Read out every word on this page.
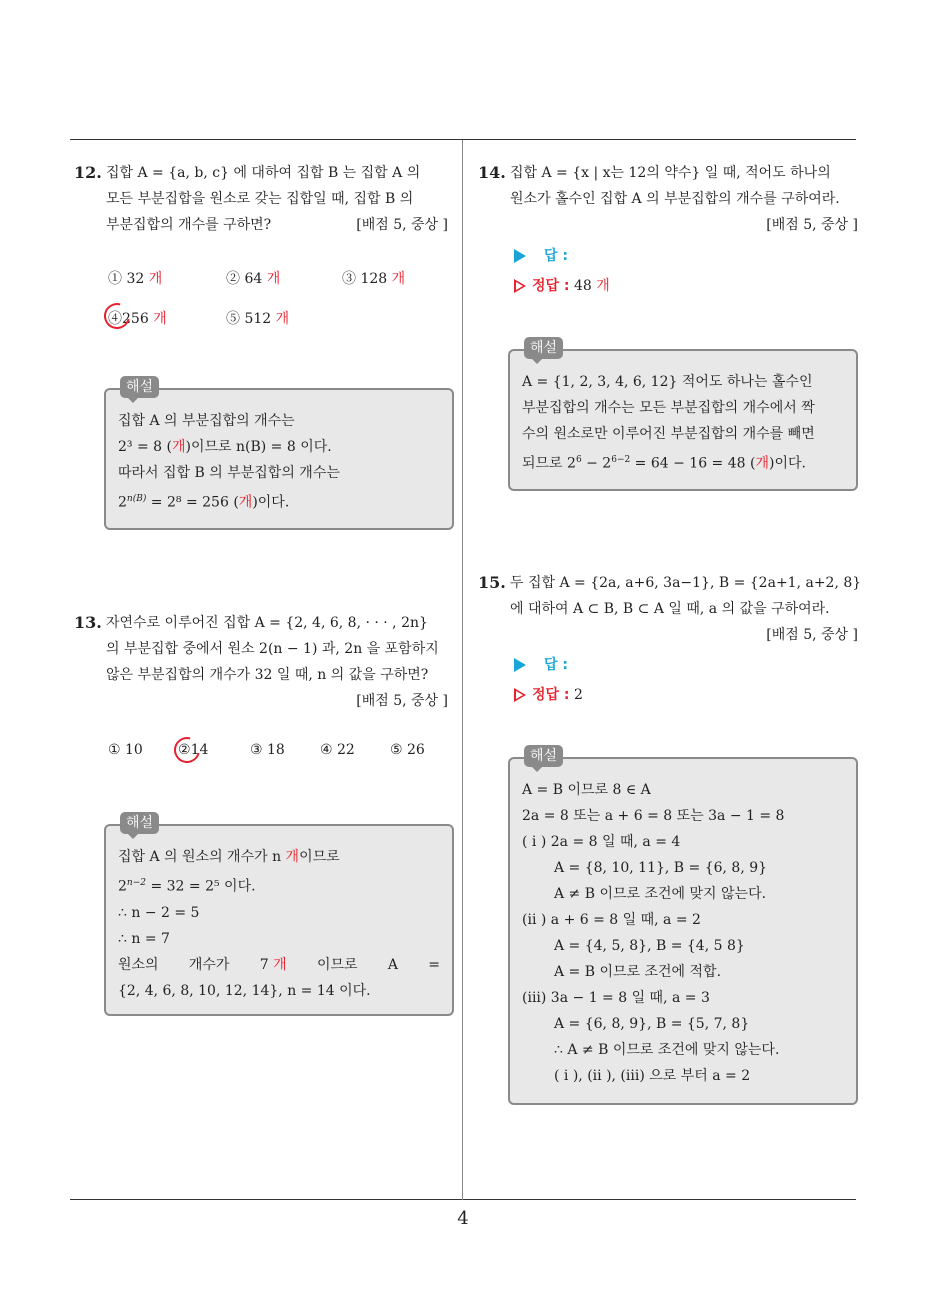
12. 집합 A = {a, b, c} 에 대하여 집합 B 는 집합 A 의
모든 부분집합을 원소로 갖는 집합일 때, 집합 B 의
부분집합의 개수를 구하면?	[배점 5, 중상 ]
① 32 개	② 64 개	③ 128 개
④256 개	⑤ 512 개
해설
집합 A 의 부분집합의 개수는
2³ = 8 (개)이므로 n(B) = 8 이다.
따라서 집합 B 의 부분집합의 개수는
$2^{n(B)} = 2^8 = 256$ (개)이다.
13. 자연수로 이루어진 집합 A = {2, 4, 6, 8, · · · , 2n}
의 부분집합 중에서 원소 2(n − 1) 과, 2n 을 포함하지
않은 부분집합의 개수가 32 일 때, n 의 값을 구하면?
[배점 5, 중상 ]
① 10	②14	③ 18	④ 22	⑤ 26
해설
집합 A 의 원소의 개수가 n 개이므로
$2^{n-2} = 32 = 2^5$ 이다.
∴ n − 2 = 5
∴ n = 7
원소의 개수가 7 개 이므로 A =
{2, 4, 6, 8, 10, 12, 14}, n = 14 이다.
14. 집합 A = {x | x는 12의 약수} 일 때, 적어도 하나의
원소가 홀수인 집합 A 의 부분집합의 개수를 구하여라.
[배점 5, 중상 ]
답 :
정답 : 48 개
해설
A = {1, 2, 3, 4, 6, 12} 적어도 하나는 홀수인
부분집합의 개수는 모든 부분집합의 개수에서 짝
수의 원소로만 이루어진 부분집합의 개수를 빼면
되므로 $2^6 - 2^{6-2} = 64 - 16 = 48$ (개)이다.
15. 두 집합 A = {2a, a+6, 3a−1}, B = {2a+1, a+2, 8}
에 대하여 A ⊂ B, B ⊂ A 일 때, a 의 값을 구하여라.
[배점 5, 중상 ]
답 :
정답 : 2
해설
A = B 이므로 8 ∈ A
2a = 8 또는 a + 6 = 8 또는 3a − 1 = 8
( i ) 2a = 8 일 때, a = 4
A = {8, 10, 11}, B = {6, 8, 9}
A ≠ B 이므로 조건에 맞지 않는다.
(ii ) a + 6 = 8 일 때, a = 2
A = {4, 5, 8}, B = {4, 5 8}
A = B 이므로 조건에 적합.
(iii) 3a − 1 = 8 일 때, a = 3
A = {6, 8, 9}, B = {5, 7, 8}
∴ A ≠ B 이므로 조건에 맞지 않는다.
( i ), (ii ), (iii) 으로 부터 a = 2
4
